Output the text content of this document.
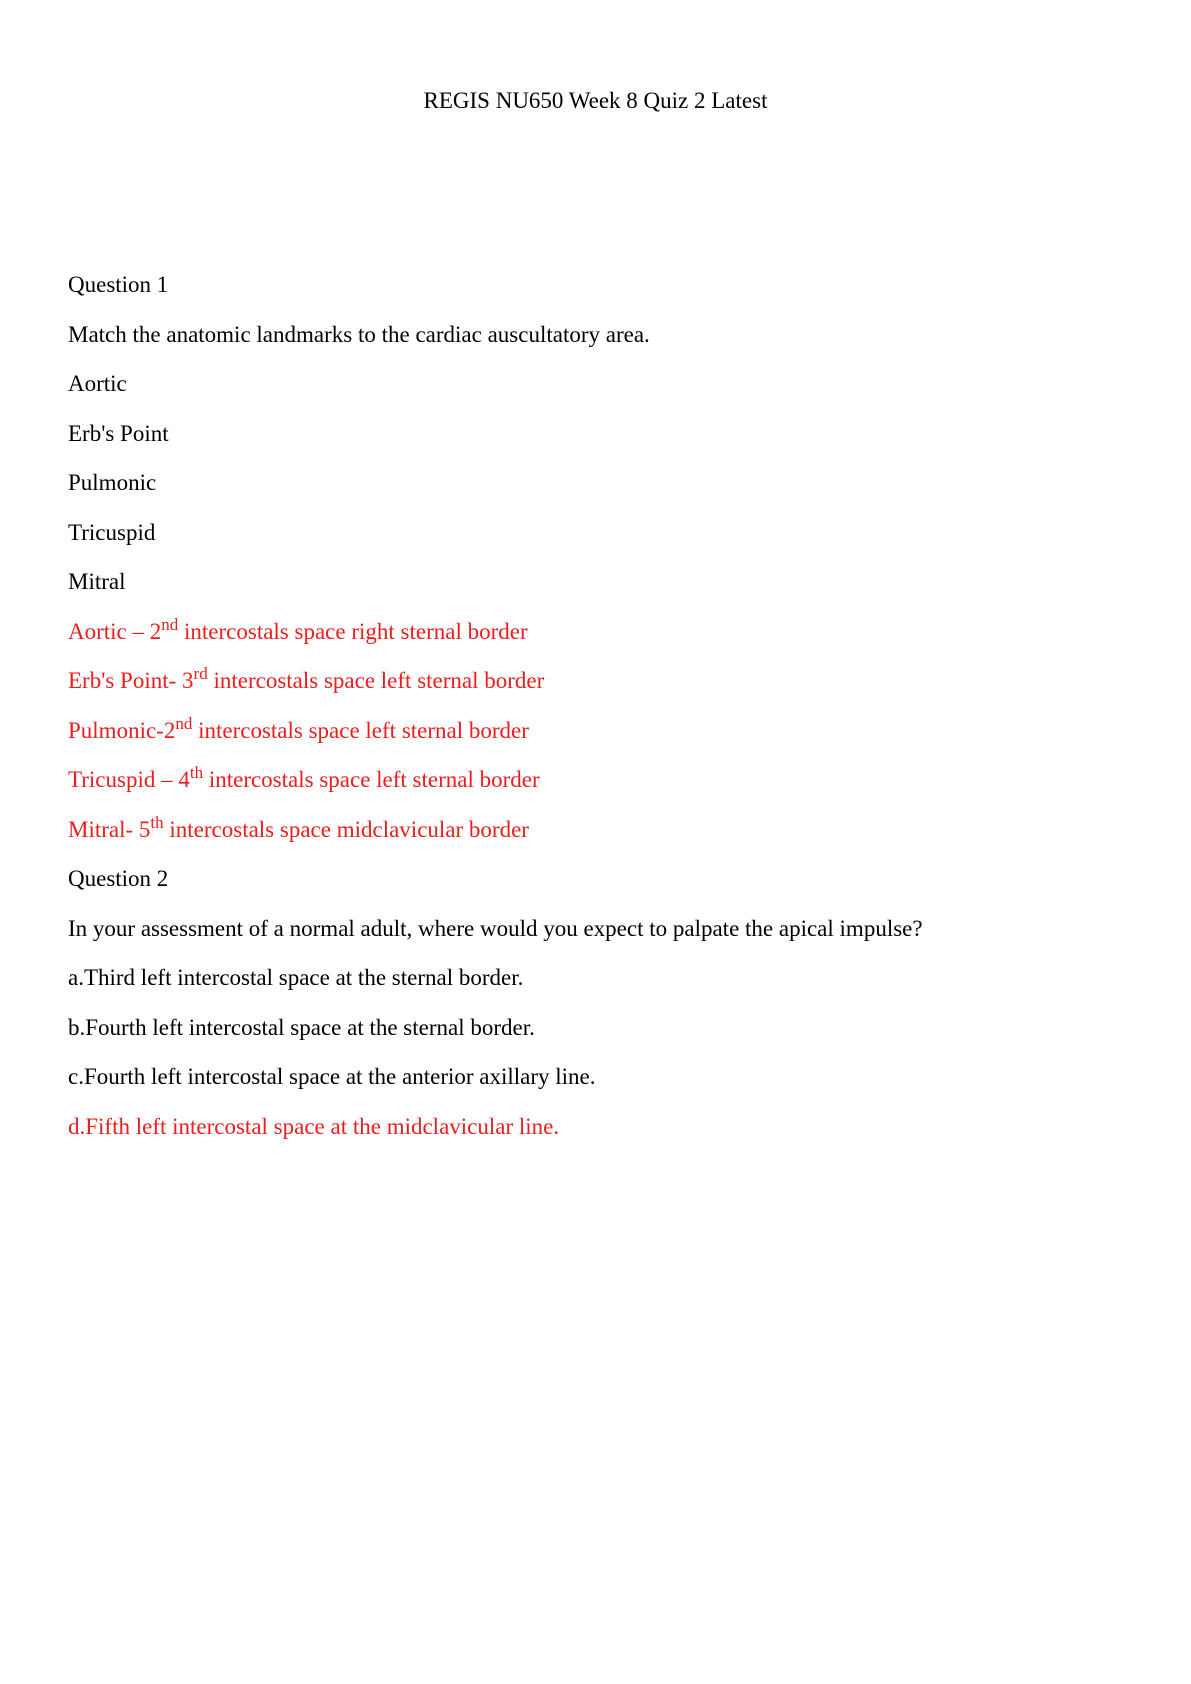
REGIS NU650 Week 8 Quiz 2 Latest

Question 1

Match the anatomic landmarks to the cardiac auscultatory area.

Aortic

Erb's Point

Pulmonic

Tricuspid

Mitral

Aortic – 2nd intercostals space right sternal border

Erb's Point- 3rd intercostals space left sternal border

Pulmonic-2nd intercostals space left sternal border

Tricuspid – 4th intercostals space left sternal border

Mitral- 5th intercostals space midclavicular border

Question 2

In your assessment of a normal adult, where would you expect to palpate the apical impulse?

a.Third left intercostal space at the sternal border.

b.Fourth left intercostal space at the sternal border.

c.Fourth left intercostal space at the anterior axillary line.

d.Fifth left intercostal space at the midclavicular line.
